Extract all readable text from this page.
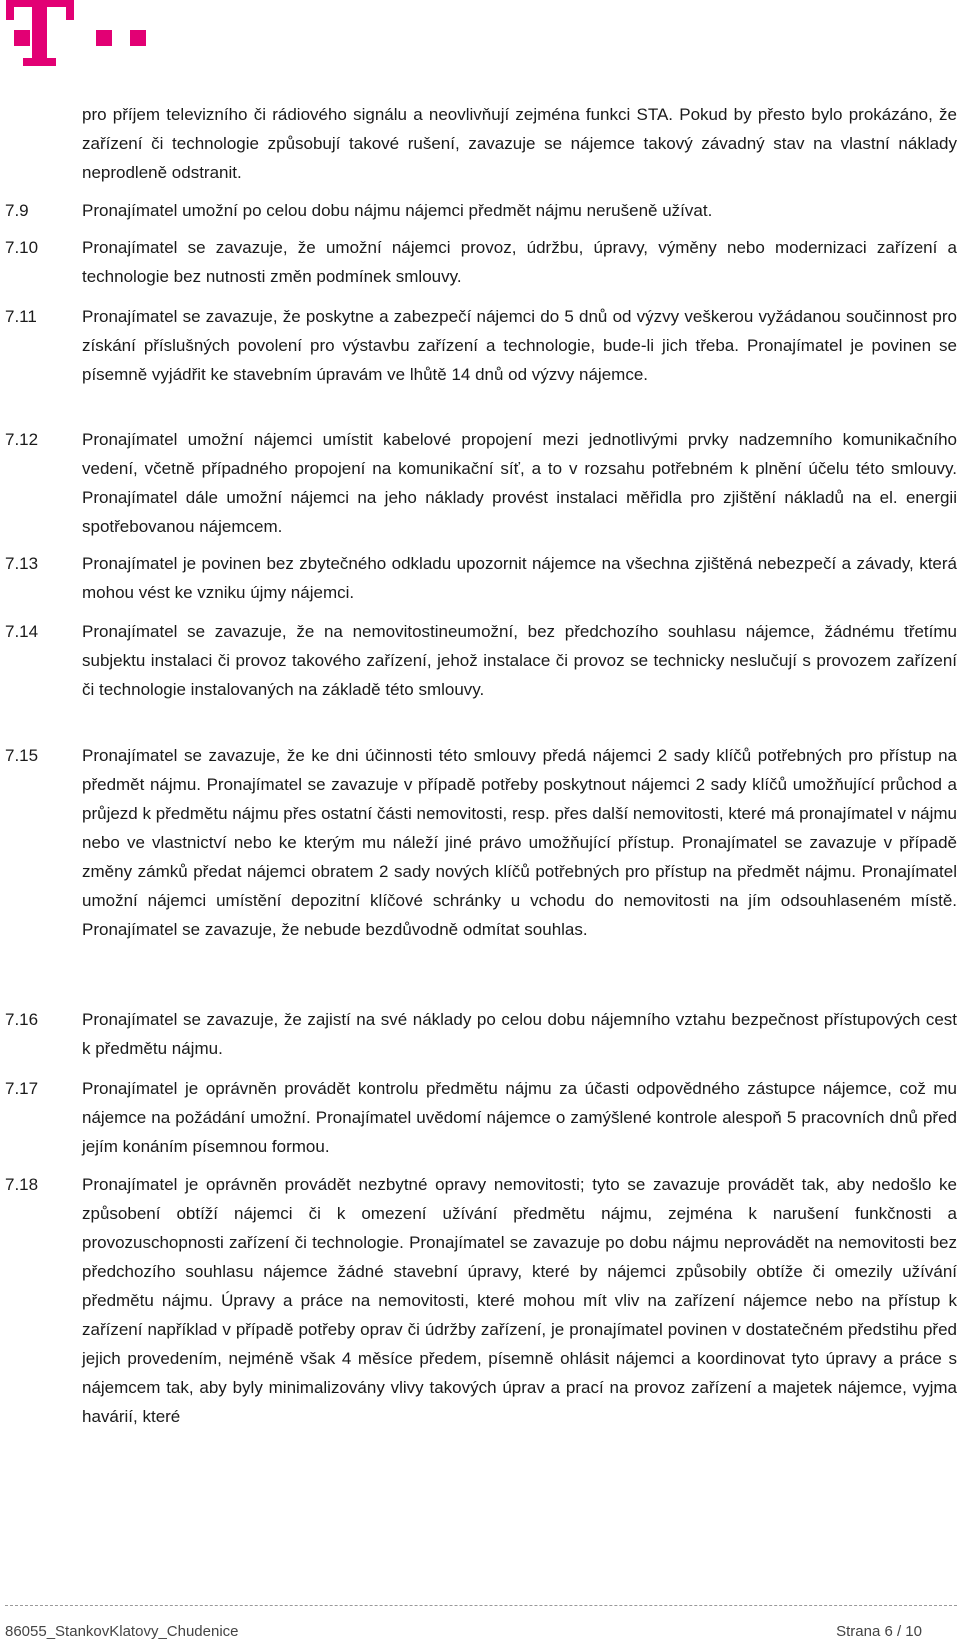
pro příjem televizního či rádiového signálu a neovlivňují zejména funkci STA. Pokud by přesto bylo prokázáno, že zařízení či technologie způsobují takové rušení, zavazuje se nájemce takový závadný stav na vlastní náklady neprodleně odstranit.
7.9	Pronajímatel umožní po celou dobu nájmu nájemci předmět nájmu nerušeně užívat.
7.10	Pronajímatel se zavazuje, že umožní nájemci provoz, údržbu, úpravy, výměny nebo modernizaci zařízení a technologie bez nutnosti změn podmínek smlouvy.
7.11	Pronajímatel se zavazuje, že poskytne a zabezpečí nájemci do 5 dnů od výzvy veškerou vyžádanou součinnost pro získání příslušných povolení pro výstavbu zařízení a technologie, bude-li jich třeba. Pronajímatel je povinen se písemně vyjádřit ke stavebním úpravám ve lhůtě 14 dnů od výzvy nájemce.
7.12	Pronajímatel umožní nájemci umístit kabelové propojení mezi jednotlivými prvky nadzemního komunikačního vedení, včetně případného propojení na komunikační síť, a to v rozsahu potřebném k plnění účelu této smlouvy. Pronajímatel dále umožní nájemci na jeho náklady provést instalaci měřidla pro zjištění nákladů na el. energii spotřebovanou nájemcem.
7.13	Pronajímatel je povinen bez zbytečného odkladu upozornit nájemce na všechna zjištěná nebezpečí a závady, která mohou vést ke vzniku újmy nájemci.
7.14	Pronajímatel se zavazuje, že na nemovitostineumožní, bez předchozího souhlasu nájemce, žádnému třetímu subjektu instalaci či provoz takového zařízení, jehož instalace či provoz se technicky neslučují s provozem zařízení či technologie instalovaných na základě této smlouvy.
7.15	Pronajímatel se zavazuje, že ke dni účinnosti této smlouvy předá nájemci 2 sady klíčů potřebných pro přístup na předmět nájmu. Pronajímatel se zavazuje v případě potřeby poskytnout nájemci 2 sady klíčů umožňující průchod a průjezd k předmětu nájmu přes ostatní části nemovitosti, resp. přes další nemovitosti, které má pronajímatel v nájmu nebo ve vlastnictví nebo ke kterým mu náleží jiné právo umožňující přístup. Pronajímatel se zavazuje v případě změny zámků předat nájemci obratem 2 sady nových klíčů potřebných pro přístup na předmět nájmu. Pronajímatel umožní nájemci umístění depozitní klíčové schránky u vchodu do nemovitosti na jím odsouhlaseném místě. Pronajímatel se zavazuje, že nebude bezdůvodně odmítat souhlas.
7.16	Pronajímatel se zavazuje, že zajistí na své náklady po celou dobu nájemního vztahu bezpečnost přístupových cest k předmětu nájmu.
7.17	Pronajímatel je oprávněn provádět kontrolu předmětu nájmu za účasti odpovědného zástupce nájemce, což mu nájemce na požádání umožní. Pronajímatel uvědomí nájemce o zamýšlené kontrole alespoň 5 pracovních dnů před jejím konáním písemnou formou.
7.18	Pronajímatel je oprávněn provádět nezbytné opravy nemovitosti; tyto se zavazuje provádět tak, aby nedošlo ke způsobení obtíží nájemci či k omezení užívání předmětu nájmu, zejména k narušení funkčnosti a provozuschopnosti zařízení či technologie. Pronajímatel se zavazuje po dobu nájmu neprovádět na nemovitosti bez předchozího souhlasu nájemce žádné stavební úpravy, které by nájemci způsobily obtíže či omezily užívání předmětu nájmu. Úpravy a práce na nemovitosti, které mohou mít vliv na zařízení nájemce nebo na přístup k zařízení například v případě potřeby oprav či údržby zařízení, je pronajímatel povinen v dostatečném předstihu před jejich provedením, nejméně však 4 měsíce předem, písemně ohlásit nájemci a koordinovat tyto úpravy a práce s nájemcem tak, aby byly minimalizovány vlivy takových úprav a prací na provoz zařízení a majetek nájemce, vyjma havárií, které
86055_StankovKlatovy_Chudenice	Strana 6 / 10
